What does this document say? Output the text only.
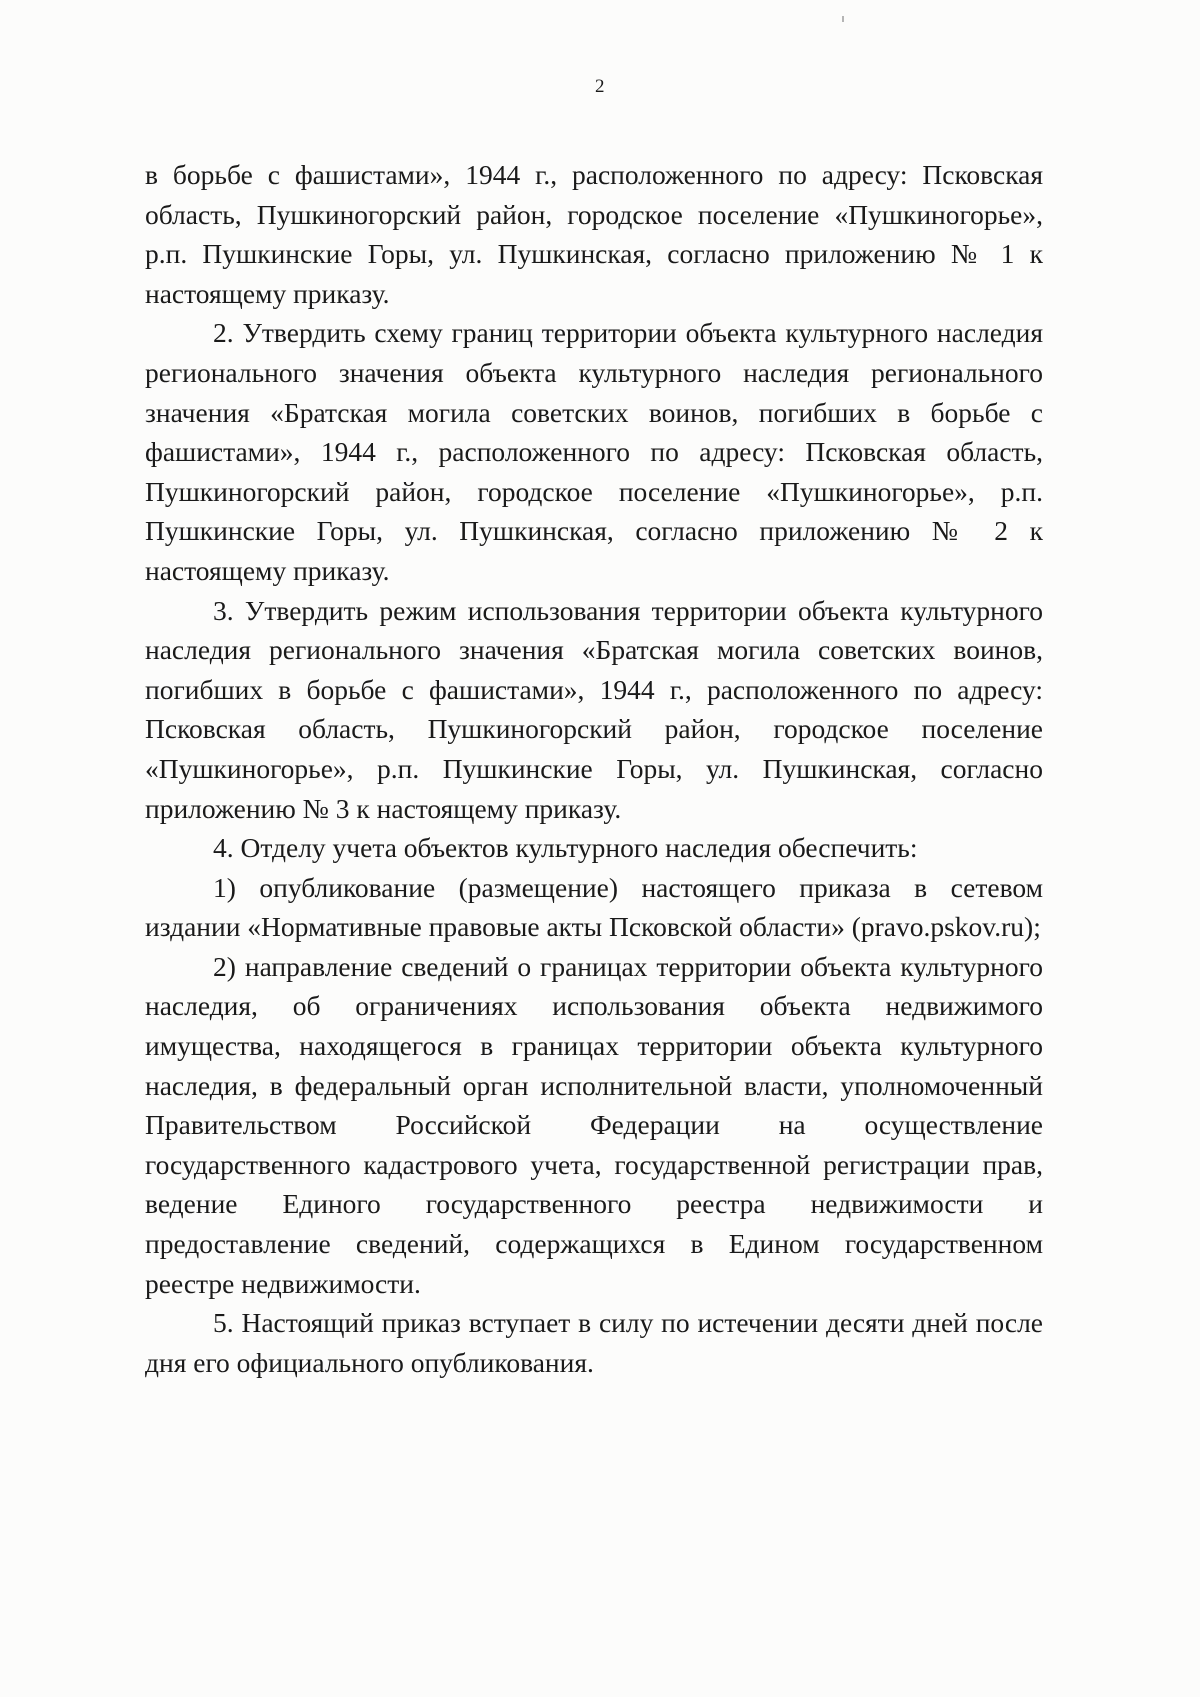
2

в борьбе с фашистами», 1944 г., расположенного по адресу: Псковская область, Пушкиногорский район, городское поселение «Пушкиногорье», р.п. Пушкинские Горы, ул. Пушкинская, согласно приложению № 1 к настоящему приказу.

2. Утвердить схему границ территории объекта культурного наследия регионального значения объекта культурного наследия регионального значения «Братская могила советских воинов, погибших в борьбе с фашистами», 1944 г., расположенного по адресу: Псковская область, Пушкиногорский район, городское поселение «Пушкиногорье», р.п. Пушкинские Горы, ул. Пушкинская, согласно приложению № 2 к настоящему приказу.

3. Утвердить режим использования территории объекта культурного наследия регионального значения «Братская могила советских воинов, погибших в борьбе с фашистами», 1944 г., расположенного по адресу: Псковская область, Пушкиногорский район, городское поселение «Пушкиногорье», р.п. Пушкинские Горы, ул. Пушкинская, согласно приложению № 3 к настоящему приказу.

4. Отделу учета объектов культурного наследия обеспечить:

1) опубликование (размещение) настоящего приказа в сетевом издании «Нормативные правовые акты Псковской области» (pravo.pskov.ru);

2) направление сведений о границах территории объекта культурного наследия, об ограничениях использования объекта недвижимого имущества, находящегося в границах территории объекта культурного наследия, в федеральный орган исполнительной власти, уполномоченный Правительством Российской Федерации на осуществление государственного кадастрового учета, государственной регистрации прав, ведение Единого государственного реестра недвижимости и предоставление сведений, содержащихся в Едином государственном реестре недвижимости.

5. Настоящий приказ вступает в силу по истечении десяти дней после дня его официального опубликования.
